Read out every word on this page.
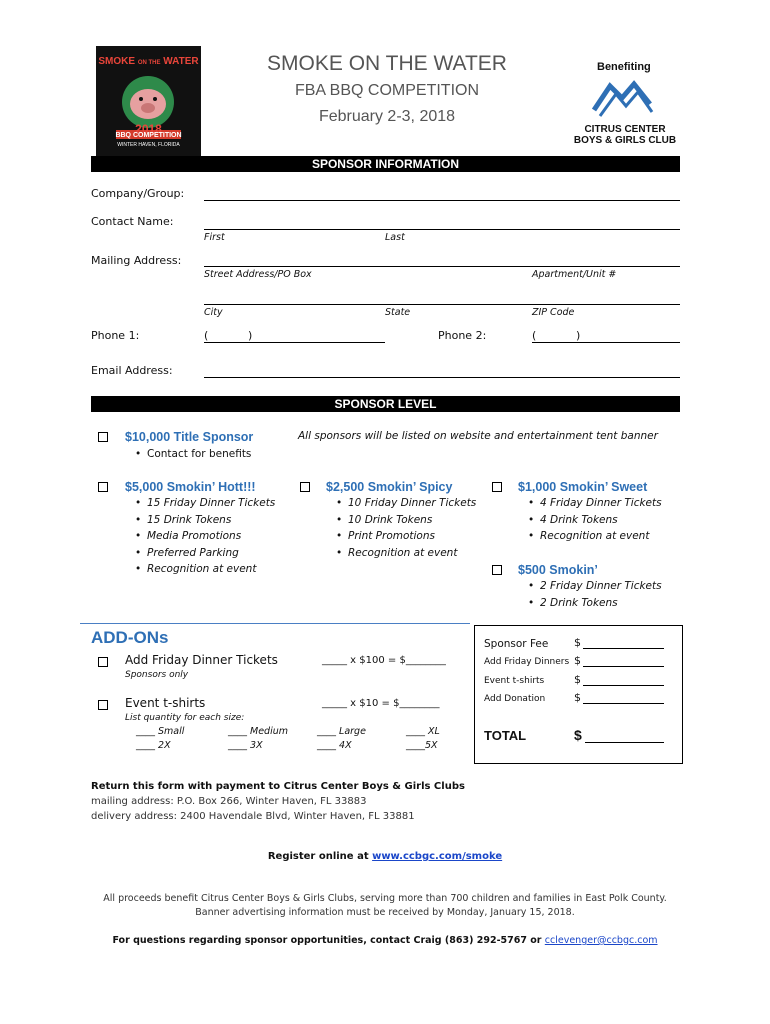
SMOKE ON THE WATER
2018
BBQ COMPETITION
WINTER HAVEN, FLORIDA
SMOKE ON THE WATER
FBA BBQ COMPETITION
February 2-3, 2018
Benefiting
CITRUS CENTER
BOYS & GIRLS CLUB
SPONSOR INFORMATION
Company/Group:
Contact Name:
First	Last
Mailing Address:
Street Address/PO Box	Apartment/Unit #
City	State	ZIP Code
Phone 1:	(	)	Phone 2:	(	)
Email Address:
SPONSOR LEVEL
$10,000 Title Sponsor	All sponsors will be listed on website and entertainment tent banner
• Contact for benefits
$5,000 Smokin’ Hott!!!
• 15 Friday Dinner Tickets
• 15 Drink Tokens
• Media Promotions
• Preferred Parking
• Recognition at event
$2,500 Smokin’ Spicy
• 10 Friday Dinner Tickets
• 10 Drink Tokens
• Print Promotions
• Recognition at event
$1,000 Smokin’ Sweet
• 4 Friday Dinner Tickets
• 4 Drink Tokens
• Recognition at event
$500 Smokin’
• 2 Friday Dinner Tickets
• 2 Drink Tokens
ADD-ONs
Add Friday Dinner Tickets	_____ x $100 = $________
Sponsors only
Event t-shirts	_____ x $10 = $________
List quantity for each size:
____ Small	____ Medium	____ Large	____ XL
____ 2X	____ 3X	____ 4X	____5X
Sponsor Fee $
Add Friday Dinners $
Event t-shirts	$
Add Donation	$
TOTAL	$
Return this form with payment to Citrus Center Boys & Girls Clubs
mailing address: P.O. Box 266, Winter Haven, FL 33883
delivery address: 2400 Havendale Blvd, Winter Haven, FL 33881
Register online at www.ccbgc.com/smoke
All proceeds benefit Citrus Center Boys & Girls Clubs, serving more than 700 children and families in East Polk County.
Banner advertising information must be received by Monday, January 15, 2018.
For questions regarding sponsor opportunities, contact Craig (863) 292-5767 or cclevenger@ccbgc.com
